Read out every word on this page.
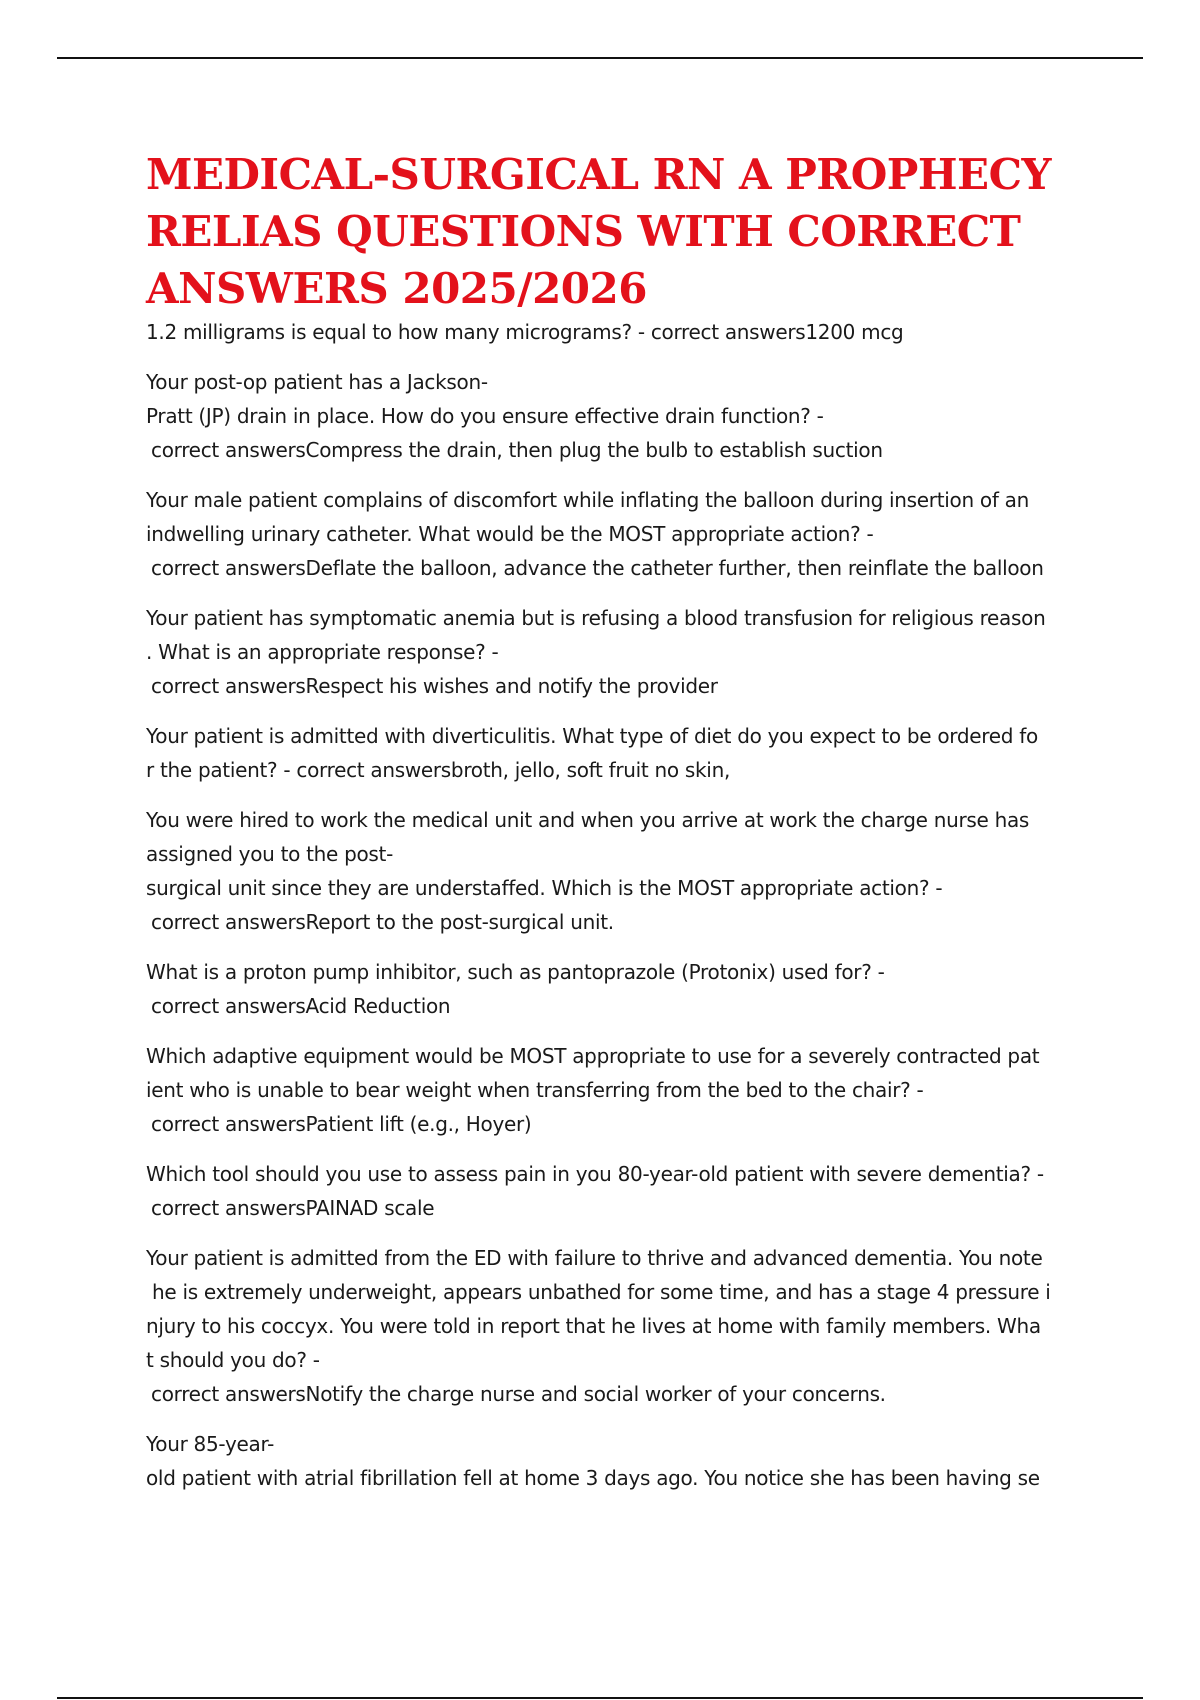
MEDICAL-SURGICAL RN A PROPHECY
RELIAS QUESTIONS WITH CORRECT
ANSWERS 2025/2026

1.2 milligrams is equal to how many micrograms? - correct answers1200 mcg

Your post-op patient has a Jackson-
Pratt (JP) drain in place. How do you ensure effective drain function? -
correct answersCompress the drain, then plug the bulb to establish suction

Your male patient complains of discomfort while inflating the balloon during insertion of an
indwelling urinary catheter. What would be the MOST appropriate action? -
correct answersDeflate the balloon, advance the catheter further, then reinflate the balloon

Your patient has symptomatic anemia but is refusing a blood transfusion for religious reason
. What is an appropriate response? -
correct answersRespect his wishes and notify the provider

Your patient is admitted with diverticulitis. What type of diet do you expect to be ordered fo
r the patient? - correct answersbroth, jello, soft fruit no skin,

You were hired to work the medical unit and when you arrive at work the charge nurse has
assigned you to the post-
surgical unit since they are understaffed. Which is the MOST appropriate action? -
correct answersReport to the post-surgical unit.

What is a proton pump inhibitor, such as pantoprazole (Protonix) used for? -
correct answersAcid Reduction

Which adaptive equipment would be MOST appropriate to use for a severely contracted pat
ient who is unable to bear weight when transferring from the bed to the chair? -
correct answersPatient lift (e.g., Hoyer)

Which tool should you use to assess pain in you 80-year-old patient with severe dementia? -
correct answersPAINAD scale

Your patient is admitted from the ED with failure to thrive and advanced dementia. You note
he is extremely underweight, appears unbathed for some time, and has a stage 4 pressure i
njury to his coccyx. You were told in report that he lives at home with family members. Wha
t should you do? -
correct answersNotify the charge nurse and social worker of your concerns.

Your 85-year-
old patient with atrial fibrillation fell at home 3 days ago. You notice she has been having se
